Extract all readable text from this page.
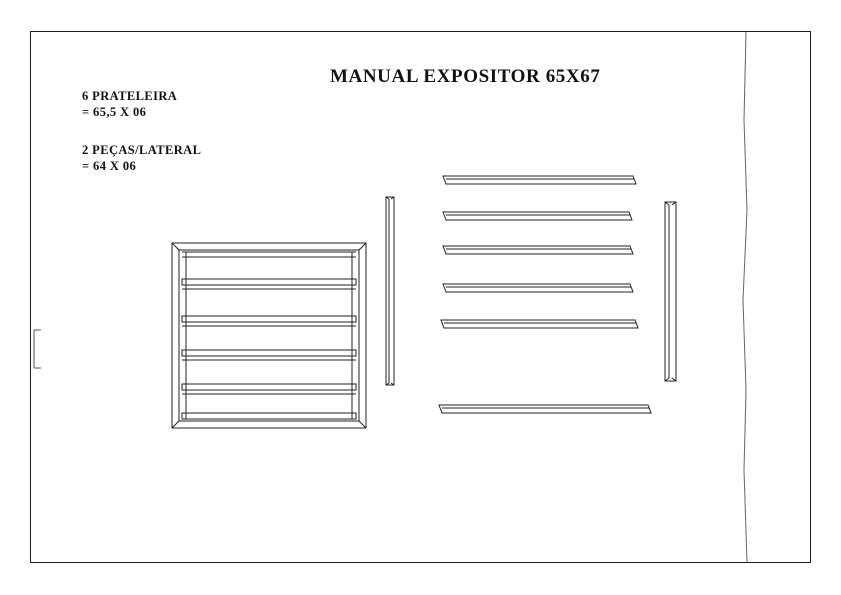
MANUAL EXPOSITOR 65X67
6 PRATELEIRA
= 65,5 X 06
2 PEÇAS/LATERAL
= 64 X 06
